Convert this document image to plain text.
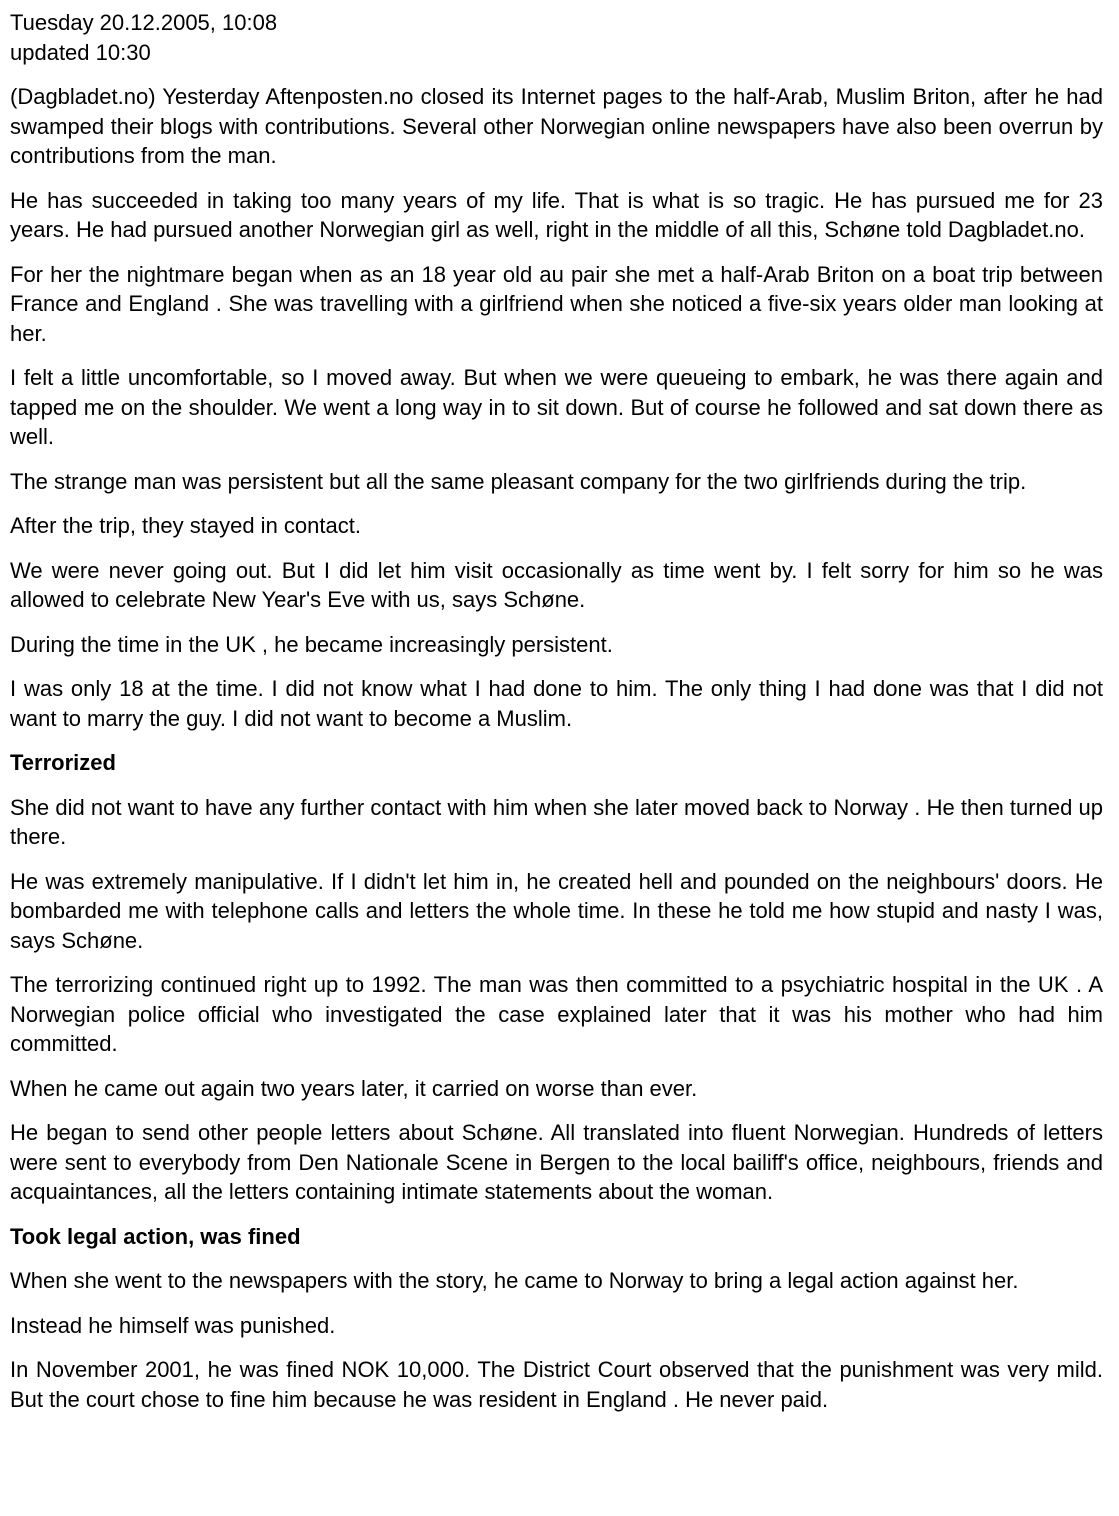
Tuesday 20.12.2005, 10:08
updated 10:30

(Dagbladet.no) Yesterday Aftenposten.no closed its Internet pages to the half-Arab, Muslim Briton, after he had swamped their blogs with contributions. Several other Norwegian online newspapers have also been overrun by contributions from the man.

He has succeeded in taking too many years of my life. That is what is so tragic. He has pursued me for 23 years. He had pursued another Norwegian girl as well, right in the middle of all this, Schøne told Dagbladet.no.

For her the nightmare began when as an 18 year old au pair she met a half-Arab Briton on a boat trip between France and England . She was travelling with a girlfriend when she noticed a five-six years older man looking at her.

I felt a little uncomfortable, so I moved away. But when we were queueing to embark, he was there again and tapped me on the shoulder. We went a long way in to sit down. But of course he followed and sat down there as well.

The strange man was persistent but all the same pleasant company for the two girlfriends during the trip.

After the trip, they stayed in contact.

We were never going out. But I did let him visit occasionally as time went by. I felt sorry for him so he was allowed to celebrate New Year's Eve with us, says Schøne.

During the time in the UK , he became increasingly persistent.

I was only 18 at the time. I did not know what I had done to him. The only thing I had done was that I did not want to marry the guy. I did not want to become a Muslim.

Terrorized

She did not want to have any further contact with him when she later moved back to Norway . He then turned up there.

He was extremely manipulative. If I didn't let him in, he created hell and pounded on the neighbours' doors. He bombarded me with telephone calls and letters the whole time. In these he told me how stupid and nasty I was, says Schøne.

The terrorizing continued right up to 1992. The man was then committed to a psychiatric hospital in the UK . A Norwegian police official who investigated the case explained later that it was his mother who had him committed.

When he came out again two years later, it carried on worse than ever.

He began to send other people letters about Schøne. All translated into fluent Norwegian. Hundreds of letters were sent to everybody from Den Nationale Scene in Bergen to the local bailiff's office, neighbours, friends and acquaintances, all the letters containing intimate statements about the woman.

Took legal action, was fined

When she went to the newspapers with the story, he came to Norway to bring a legal action against her.

Instead he himself was punished.

In November 2001, he was fined NOK 10,000. The District Court observed that the punishment was very mild. But the court chose to fine him because he was resident in England . He never paid.
